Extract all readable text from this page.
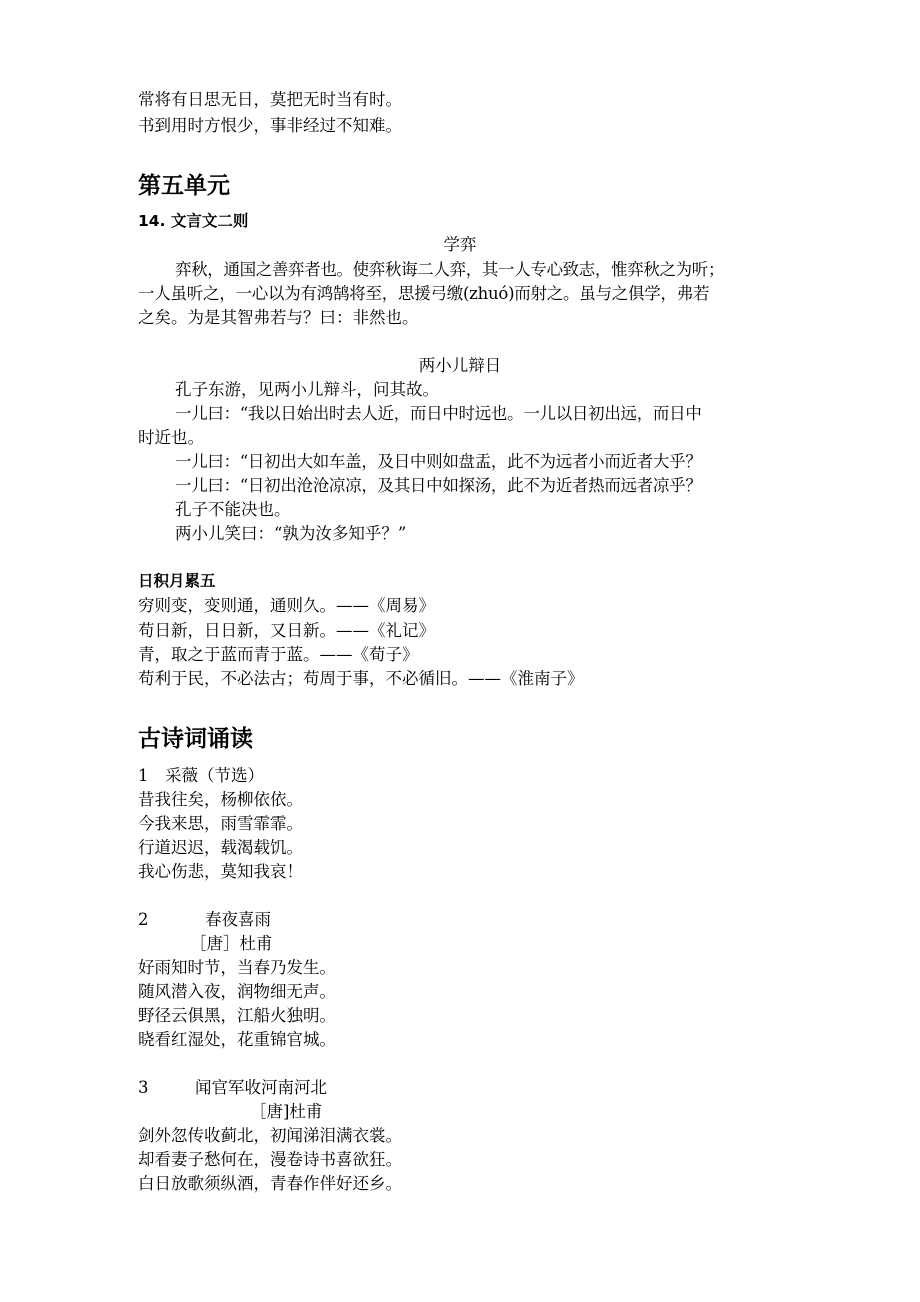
常将有日思无日，莫把无时当有时。
书到用时方恨少，事非经过不知难。
第五单元
14. 文言文二则
学弈
弈秋，通国之善弈者也。使弈秋诲二人弈，其一人专心致志，惟弈秋之为听；
一人虽听之，一心以为有鸿鹄将至，思援弓缴(zhuó)而射之。虽与之俱学，弗若
之矣。为是其智弗若与？曰：非然也。
两小儿辩日
孔子东游，见两小儿辩斗，问其故。
一儿曰：“我以日始出时去人近，而日中时远也。一儿以日初出远，而日中
时近也。
一儿曰：“日初出大如车盖，及日中则如盘盂，此不为远者小而近者大乎？
一儿曰：“日初出沧沧凉凉，及其日中如探汤，此不为近者热而远者凉乎？
孔子不能决也。
两小儿笑曰：“孰为汝多知乎？”
日积月累五
穷则变，变则通，通则久。——《周易》
苟日新，日日新，又日新。——《礼记》
青，取之于蓝而青于蓝。——《荀子》
苟利于民，不必法古；苟周于事，不必循旧。——《淮南子》
古诗词诵读
1　采薇（节选）
昔我往矣，杨柳依依。
今我来思，雨雪霏霏。
行道迟迟，载渴载饥。
我心伤悲，莫知我哀！
2	春夜喜雨
［唐］杜甫
好雨知时节，当春乃发生。
随风潜入夜，润物细无声。
野径云俱黑，江船火独明。
晓看红湿处，花重锦官城。
3	闻官军收河南河北
［唐]杜甫
剑外忽传收蓟北，初闻涕泪满衣裳。
却看妻子愁何在，漫卷诗书喜欲狂。
白日放歌须纵酒，青春作伴好还乡。
